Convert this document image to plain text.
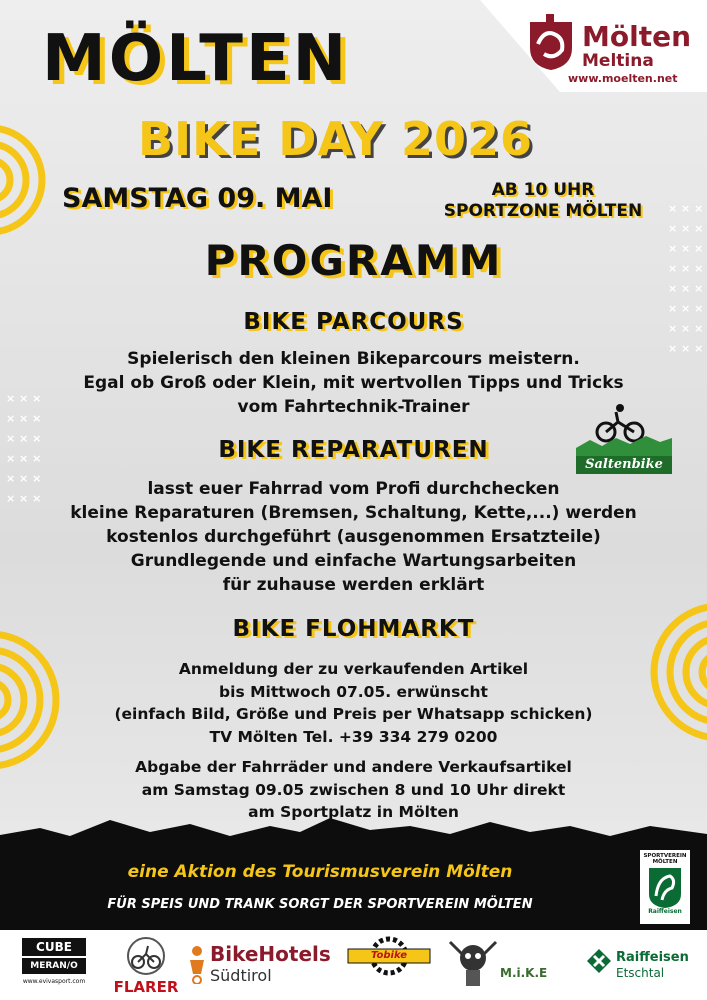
× × ×
× × ×
× × ×
× × ×
× × ×
× × ×
× × ×
× × ×
× × ×
× × ×
× × ×
× × ×
× × ×
× × ×
Mölten
Meltina
www.moelten.net
MÖLTEN
BIKE DAY 2026
SAMSTAG 09. MAI	AB 10 UHR
SPORTZONE MÖLTEN
PROGRAMM
BIKE PARCOURS
Spielerisch den kleinen Bikeparcours meistern.
Egal ob Groß oder Klein, mit wertvollen Tipps und Tricks
vom Fahrtechnik-Trainer
Saltenbike
BIKE REPARATUREN
lasst euer Fahrrad vom Profi durchchecken
kleine Reparaturen (Bremsen, Schaltung, Kette,...) werden
kostenlos durchgeführt (ausgenommen Ersatzteile)
Grundlegende und einfache Wartungsarbeiten
für zuhause werden erklärt
BIKE FLOHMARKT
Anmeldung der zu verkaufenden Artikel
bis Mittwoch 07.05. erwünscht
(einfach Bild, Größe und Preis per Whatsapp schicken)
TV Mölten Tel. +39 334 279 0200
Abgabe der Fahrräder und andere Verkaufsartikel
am Samstag 09.05 zwischen 8 und 10 Uhr direkt
am Sportplatz in Mölten
eine Aktion des Tourismusverein Mölten
FÜR SPEIS UND TRANK SORGT DER SPORTVEREIN MÖLTEN
SPORTVEREIN MÖLTEN
Raiffeisen
CUBE
MERAN/O
www.evivasport.com FLARER
BikeHotels
Südtirol
Tobike
M.i.K.E
Raiffeisen
Etschtal
